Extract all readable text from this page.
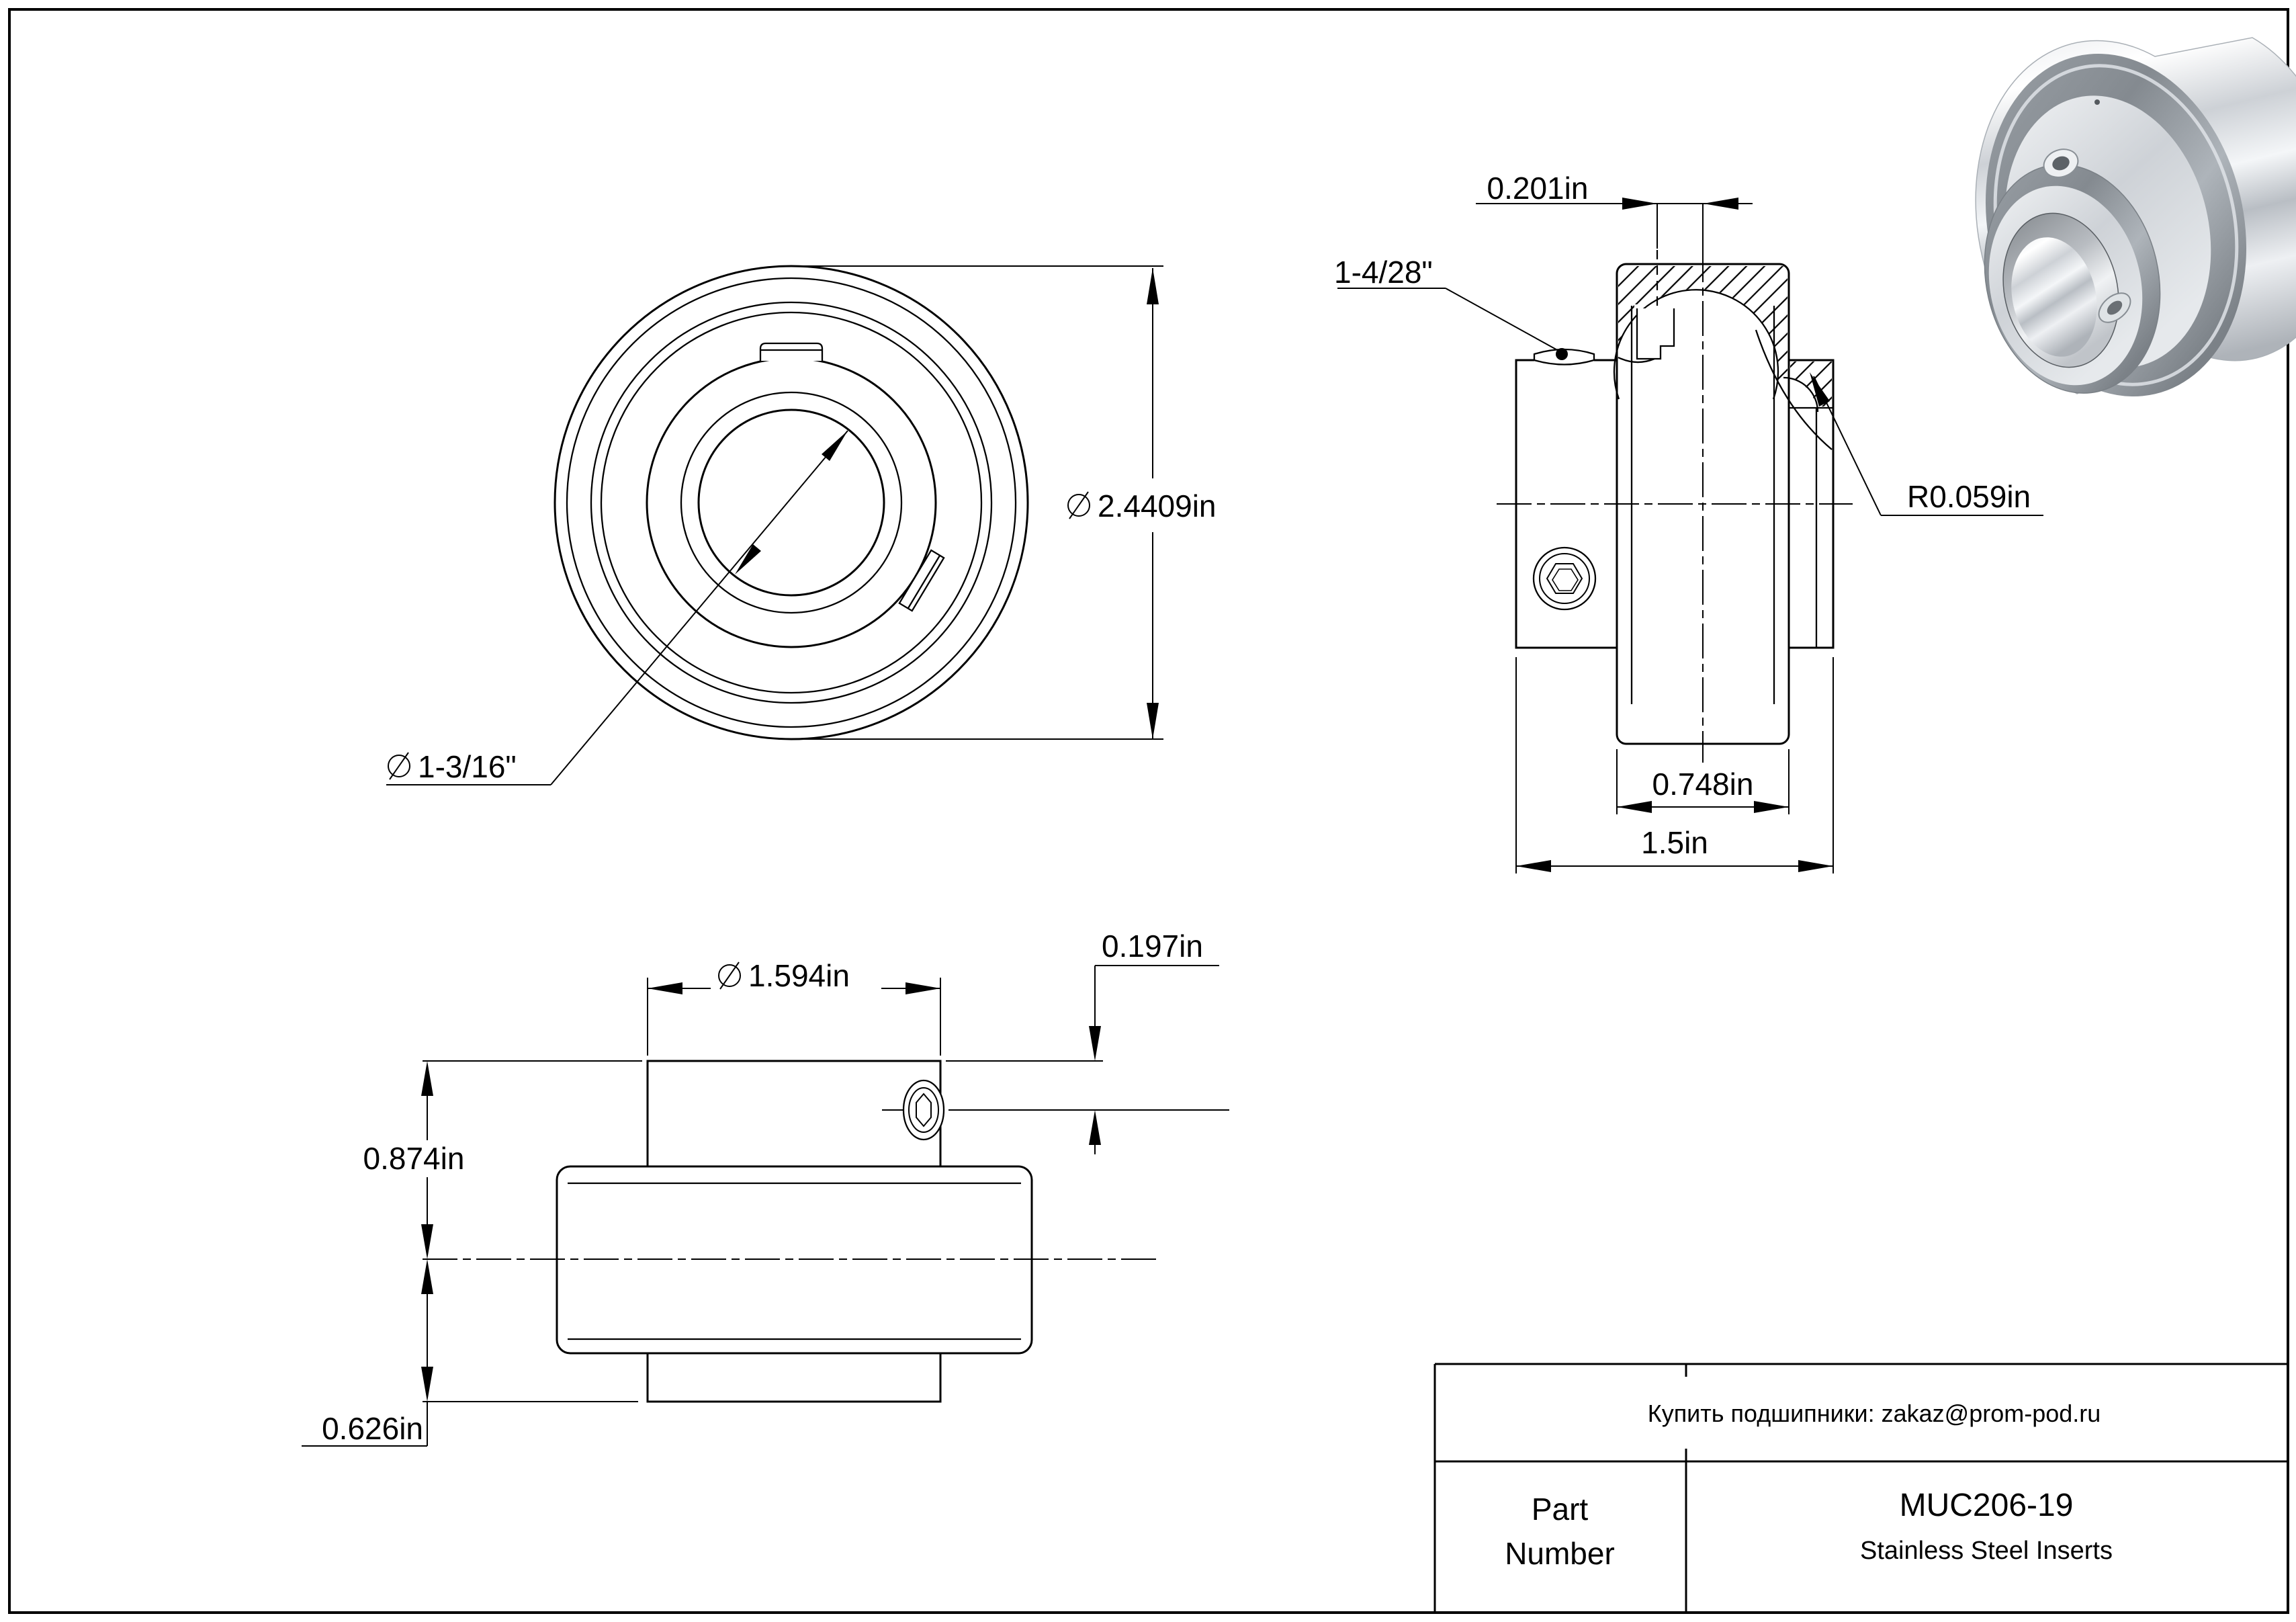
1-3/16"
2.4409in
0.201in
1-4/28"
R0.059in
0.748in
1.5in
1.594in
0.197in
0.874in
0.626in	Купить подшипники: zakaz@prom-pod.ru
Part
Number
MUC206-19
Stainless Steel Inserts
